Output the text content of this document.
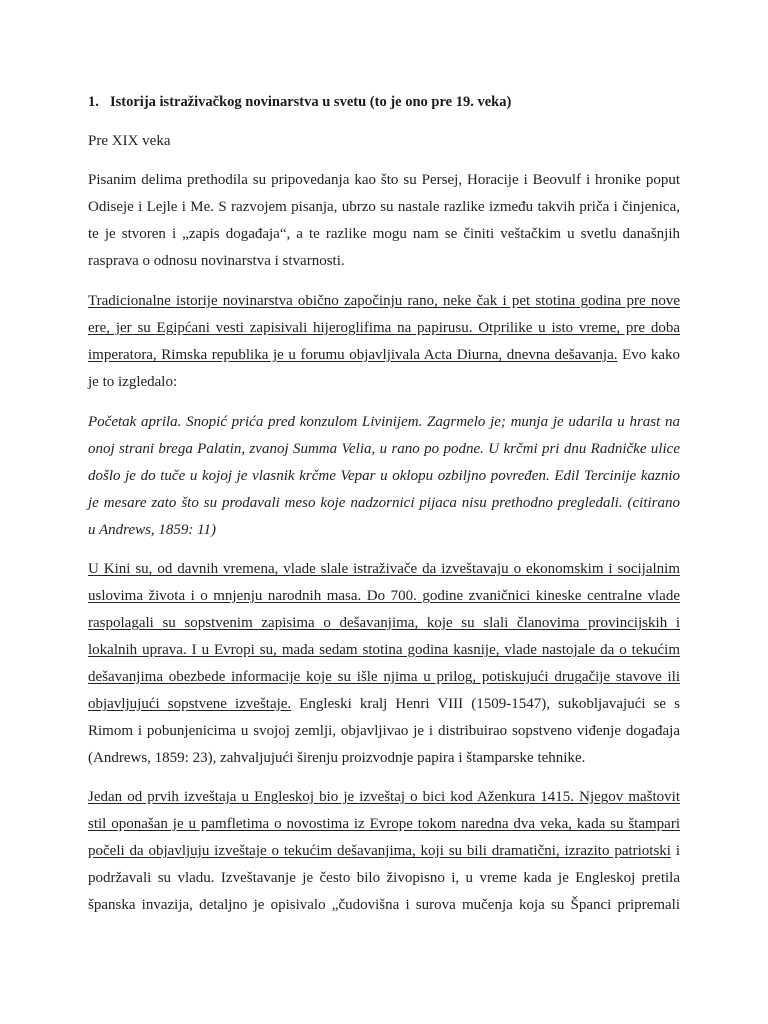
1. Istorija istraživačkog novinarstva u svetu (to je ono pre 19. veka)
Pre XIX veka
Pisanim delima prethodila su pripovedanja kao što su Persej, Horacije i Beovulf i hronike poput
Odiseje i Lejle i Me. S razvojem pisanja, ubrzo su nastale razlike između takvih priča i činjenica,
te je stvoren i „zapis događaja“, a te razlike mogu nam se činiti veštačkim u svetlu današnjih
rasprava o odnosu novinarstva i stvarnosti.
Tradicionalne istorije novinarstva obično započinju rano, neke čak i pet stotina godina pre nove
ere, jer su Egipćani vesti zapisivali hijeroglifima na papirusu. Otprilike u isto vreme, pre doba
imperatora, Rimska republika je u forumu objavljivala Acta Diurna, dnevna dešavanja. Evo kako
je to izgledalo:
Početak aprila. Snopić prića pred konzulom Livinijem. Zagrmelo je; munja je udarila u hrast na
onoj strani brega Palatin, zvanoj Summa Velia, u rano po podne. U krčmi pri dnu Radničke ulice
došlo je do tuče u kojoj je vlasnik krčme Vepar u oklopu ozbiljno povređen. Edil Tercinije kaznio
je mesare zato što su prodavali meso koje nadzornici pijaca nisu prethodno pregledali. (citirano
u Andrews, 1859: 11)
U Kini su, od davnih vremena, vlade slale istraživače da izveštavaju o ekonomskim i socijalnim
uslovima života i o mnjenju narodnih masa. Do 700. godine zvaničnici kineske centralne vlade
raspolagali su sopstvenim zapisima o dešavanjima, koje su slali članovima provincijskih i
lokalnih uprava. I u Evropi su, mada sedam stotina godina kasnije, vlade nastojale da o tekućim
dešavanjima obezbede informacije koje su išle njima u prilog, potiskujući drugačije stavove ili
objavljujući sopstvene izveštaje. Engleski kralj Henri VIII (1509-1547), sukobljavajući se s
Rimom i pobunjenicima u svojoj zemlji, objavljivao je i distribuirao sopstveno viđenje događaja
(Andrews, 1859: 23), zahvaljujući širenju proizvodnje papira i štamparske tehnike.
Jedan od prvih izveštaja u Engleskoj bio je izveštaj o bici kod Aženkura 1415. Njegov maštovit
stil oponašan je u pamfletima o novostima iz Evrope tokom naredna dva veka, kada su štampari
počeli da objavljuju izveštaje o tekućim dešavanjima, koji su bili dramatični, izrazito patriotski i
podržavali su vladu. Izveštavanje je često bilo živopisno i, u vreme kada je Engleskoj pretila
španska invazija, detaljno je opisivalo „čudovišna i surova mučenja koja su Španci pripremali
